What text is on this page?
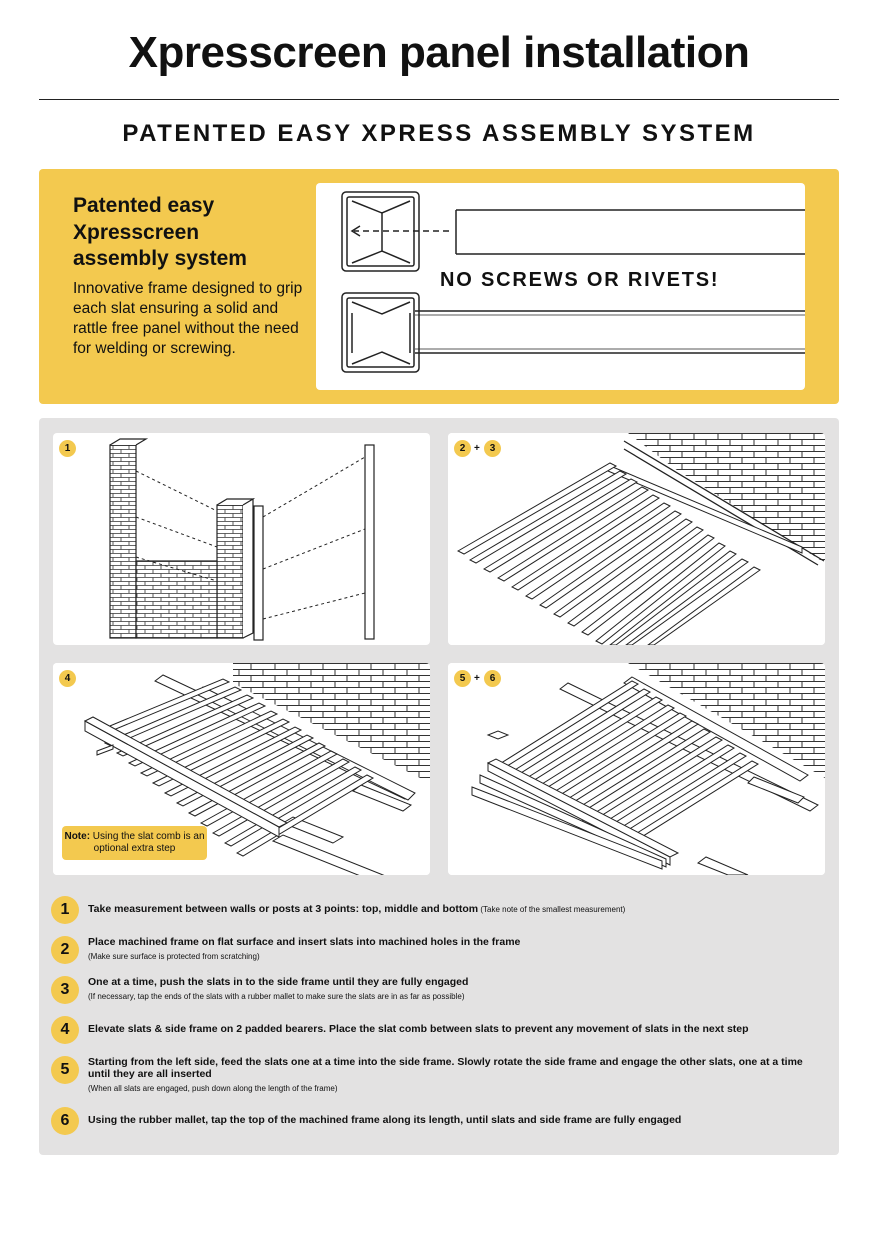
Xpresscreen panel installation
PATENTED EASY XPRESS ASSEMBLY SYSTEM
Patented easy Xpresscreen assembly system
Innovative frame designed to grip each slat ensuring a solid and rattle free panel without the need for welding or screwing.
NO SCREWS OR RIVETS!
1	2 + 3
4
Note: Using the slat comb is an optional extra step
5 + 6
1	Take measurement between walls or posts at 3 points: top, middle and bottom (Take note of the smallest measurement)
2	Place machined frame on flat surface and insert slats into machined holes in the frame
(Make sure surface is protected from scratching)
3	One at a time, push the slats in to the side frame until they are fully engaged
(If necessary, tap the ends of the slats with a rubber mallet to make sure the slats are in as far as possible)
4	Elevate slats & side frame on 2 padded bearers. Place the slat comb between slats to prevent any movement of slats in the next step
5	Starting from the left side, feed the slats one at a time into the side frame. Slowly rotate the side frame and engage the other slats, one at a time until they are all inserted
(When all slats are engaged, push down along the length of the frame)
6	Using the rubber mallet, tap the top of the machined frame along its length, until slats and side frame are fully engaged
